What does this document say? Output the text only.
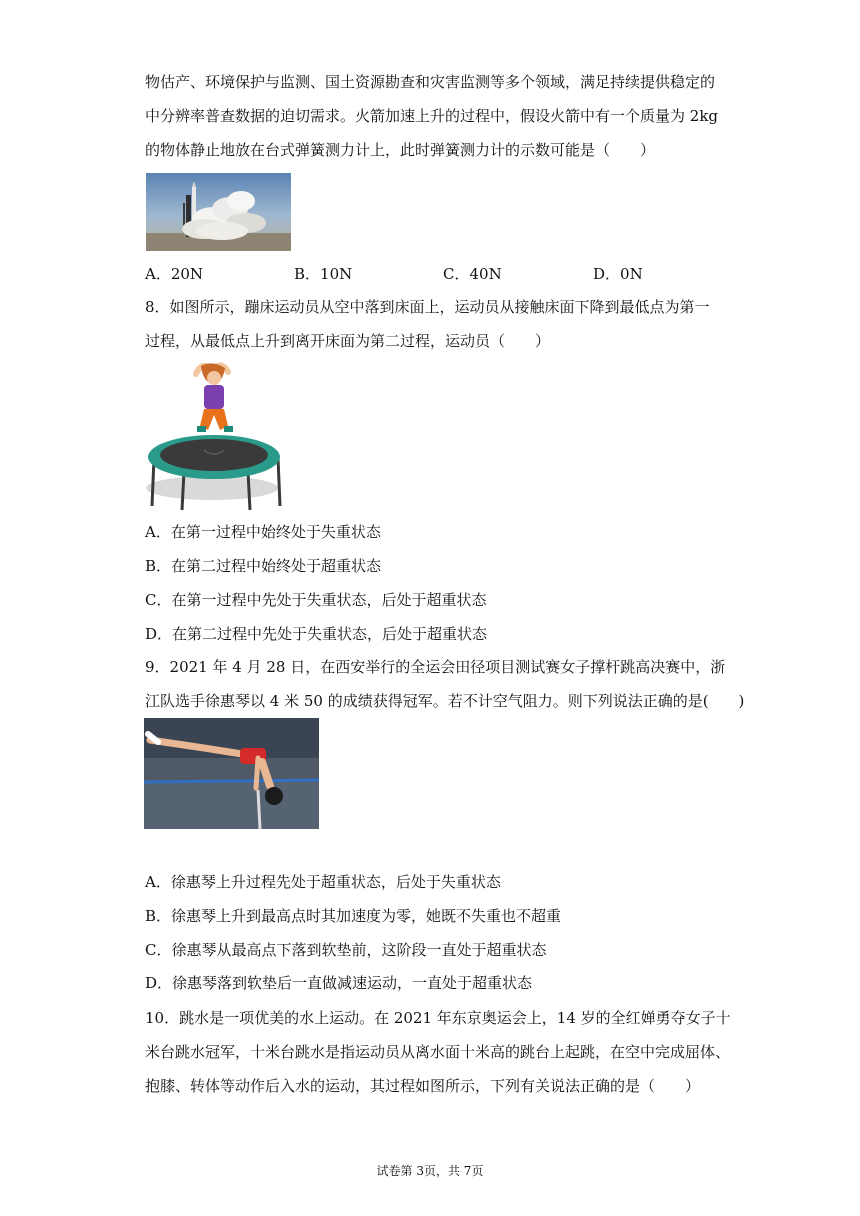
物估产、环境保护与监测、国土资源勘查和灾害监测等多个领域，满足持续提供稳定的
中分辨率普查数据的迫切需求。火箭加速上升的过程中，假设火箭中有一个质量为 2kg
的物体静止地放在台式弹簧测力计上，此时弹簧测力计的示数可能是（　　）
A．20N	B．10N	C．40N	D．0N
8．如图所示，蹦床运动员从空中落到床面上，运动员从接触床面下降到最低点为第一
过程，从最低点上升到离开床面为第二过程，运动员（　　）
A．在第一过程中始终处于失重状态
B．在第二过程中始终处于超重状态
C．在第一过程中先处于失重状态，后处于超重状态
D．在第二过程中先处于失重状态，后处于超重状态
9．2021 年 4 月 28 日，在西安举行的全运会田径项目测试赛女子撑杆跳高决赛中，浙
江队选手徐惠琴以 4 米 50 的成绩获得冠军。若不计空气阻力。则下列说法正确的是(　　)
A．徐惠琴上升过程先处于超重状态，后处于失重状态
B．徐惠琴上升到最高点时其加速度为零，她既不失重也不超重
C．徐惠琴从最高点下落到软垫前，这阶段一直处于超重状态
D．徐惠琴落到软垫后一直做减速运动，一直处于超重状态
10．跳水是一项优美的水上运动。在 2021 年东京奥运会上，14 岁的全红婵勇夺女子十
米台跳水冠军，十米台跳水是指运动员从离水面十米高的跳台上起跳，在空中完成屈体、
抱膝、转体等动作后入水的运动，其过程如图所示，下列有关说法正确的是（　　）
试卷第 3页，共 7页
